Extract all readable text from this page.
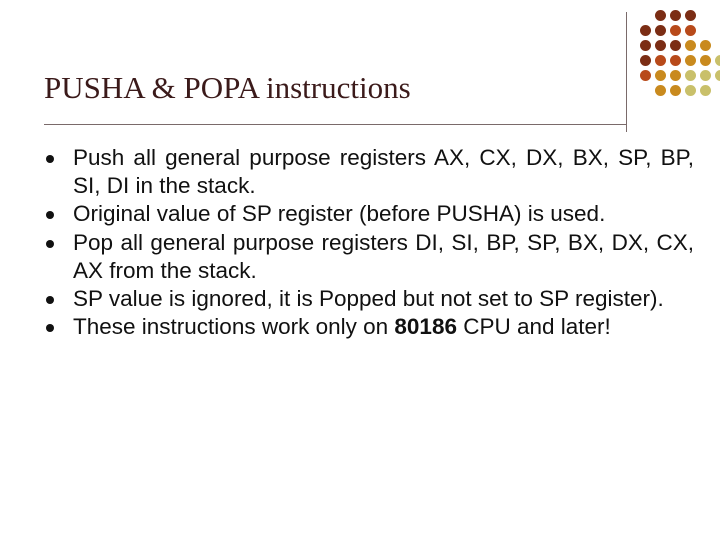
PUSHA & POPA instructions
Push all general purpose registers AX, CX, DX, BX, SP, BP, SI, DI in the stack.
Original value of SP register (before PUSHA) is used.
Pop all general purpose registers DI, SI, BP, SP, BX, DX, CX, AX from the stack.
SP value is ignored, it is Popped but not set to SP register).
These instructions work only on 80186 CPU and later!
